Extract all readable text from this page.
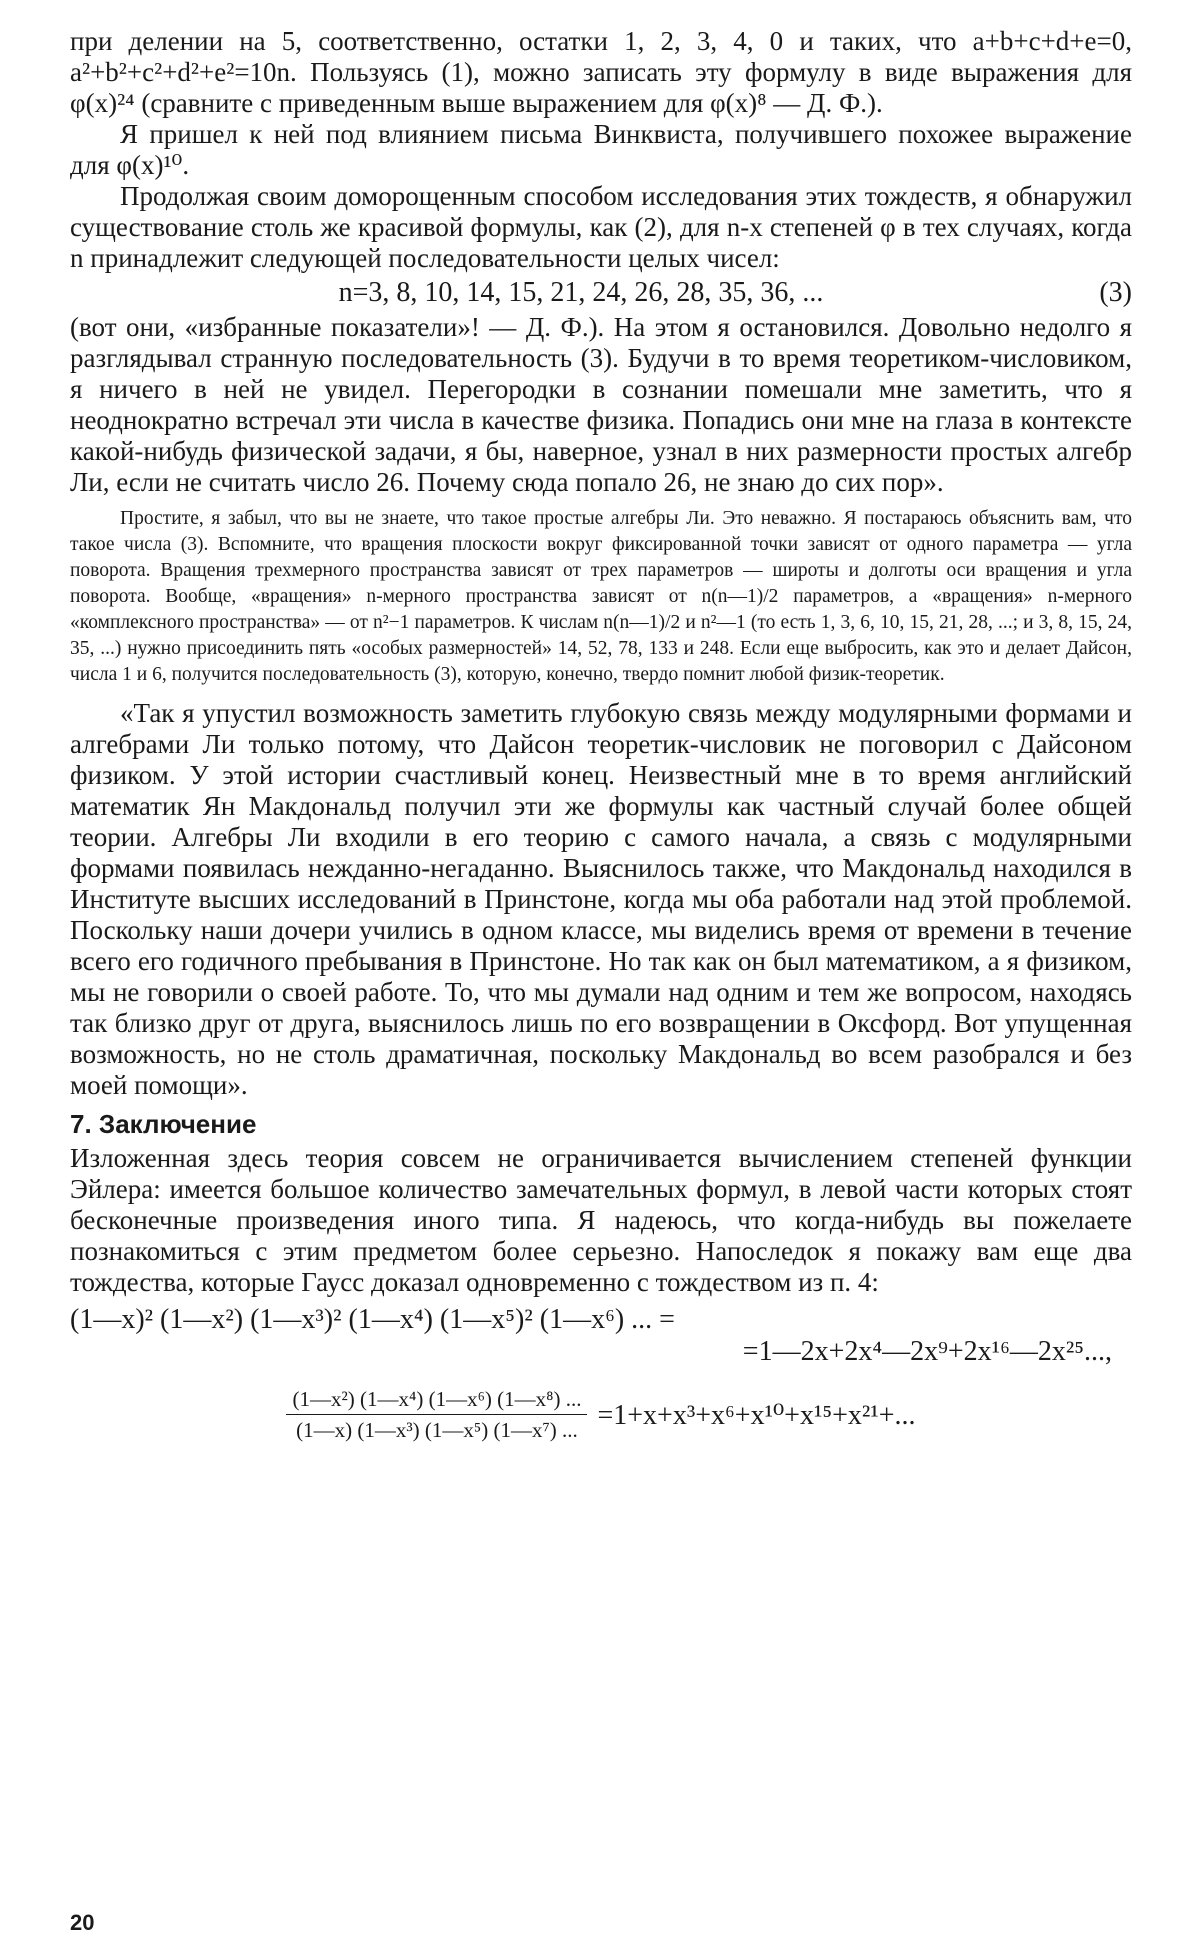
при делении на 5, соответственно, остатки 1, 2, 3, 4, 0 и таких, что a+b+c+d+e=0, a²+b²+c²+d²+e²=10n. Пользуясь (1), можно записать эту формулу в виде выражения для φ(x)²⁴ (сравните с приведенным выше выражением для φ(x)⁸ — Д. Ф.).

Я пришел к ней под влиянием письма Винквиста, получившего похожее выражение для φ(x)¹⁰.

Продолжая своим доморощенным способом исследования этих тождеств, я обнаружил существование столь же красивой формулы, как (2), для n-х степеней φ в тех случаях, когда n принадлежит следующей последовательности целых чисел:

n=3, 8, 10, 14, 15, 21, 24, 26, 28, 35, 36, ...	(3)

(вот они, «избранные показатели»! — Д. Ф.). На этом я остановился. Довольно недолго я разглядывал странную последовательность (3). Будучи в то время теоретиком-числовиком, я ничего в ней не увидел. Перегородки в сознании помешали мне заметить, что я неоднократно встречал эти числа в качестве физика. Попадись они мне на глаза в контексте какой-нибудь физической задачи, я бы, наверное, узнал в них размерности простых алгебр Ли, если не считать число 26. Почему сюда попало 26, не знаю до сих пор».

Простите, я забыл, что вы не знаете, что такое простые алгебры Ли. Это неважно. Я постараюсь объяснить вам, что такое числа (3). Вспомните, что вращения плоскости вокруг фиксированной точки зависят от одного параметра — угла поворота. Вращения трехмерного пространства зависят от трех параметров — широты и долготы оси вращения и угла поворота. Вообще, «вращения» n-мерного пространства зависят от n(n—1)/2 параметров, а «вращения» n-мерного «комплексного пространства» — от n²−1 параметров. К числам n(n—1)/2 и n²—1 (то есть 1, 3, 6, 10, 15, 21, 28, ...; и 3, 8, 15, 24, 35, ...) нужно присоединить пять «особых размерностей» 14, 52, 78, 133 и 248. Если еще выбросить, как это и делает Дайсон, числа 1 и 6, получится последовательность (3), которую, конечно, твердо помнит любой физик-теоретик.

«Так я упустил возможность заметить глубокую связь между модулярными формами и алгебрами Ли только потому, что Дайсон теоретик-числовик не поговорил с Дайсоном физиком. У этой истории счастливый конец. Неизвестный мне в то время английский математик Ян Макдональд получил эти же формулы как частный случай более общей теории. Алгебры Ли входили в его теорию с самого начала, а связь с модулярными формами появилась нежданно-негаданно. Выяснилось также, что Макдональд находился в Институте высших исследований в Принстоне, когда мы оба работали над этой проблемой. Поскольку наши дочери учились в одном классе, мы виделись время от времени в течение всего его годичного пребывания в Принстоне. Но так как он был математиком, а я физиком, мы не говорили о своей работе. То, что мы думали над одним и тем же вопросом, находясь так близко друг от друга, выяснилось лишь по его возвращении в Оксфорд. Вот упущенная возможность, но не столь драматичная, поскольку Макдональд во всем разобрался и без моей помощи».

7. Заключение

Изложенная здесь теория совсем не ограничивается вычислением степеней функции Эйлера: имеется большое количество замечательных формул, в левой части которых стоят бесконечные произведения иного типа. Я надеюсь, что когда-нибудь вы пожелаете познакомиться с этим предметом более серьезно. Напоследок я покажу вам еще два тождества, которые Гаусс доказал одновременно с тождеством из п. 4:

(1—x)² (1—x²) (1—x³)² (1—x⁴) (1—x⁵)² (1—x⁶) ... =

=1—2x+2x⁴—2x⁹+2x¹⁶—2x²⁵...,

$\frac{\text{(1—x²) (1—x⁴) (1—x⁶) (1—x⁸) ...}}{\text{(1—x) (1—x³) (1—x⁵) (1—x⁷) ...}} =1+x+x^3+x^6+x^{10}+x^{15}+x^{21}+$...
20
